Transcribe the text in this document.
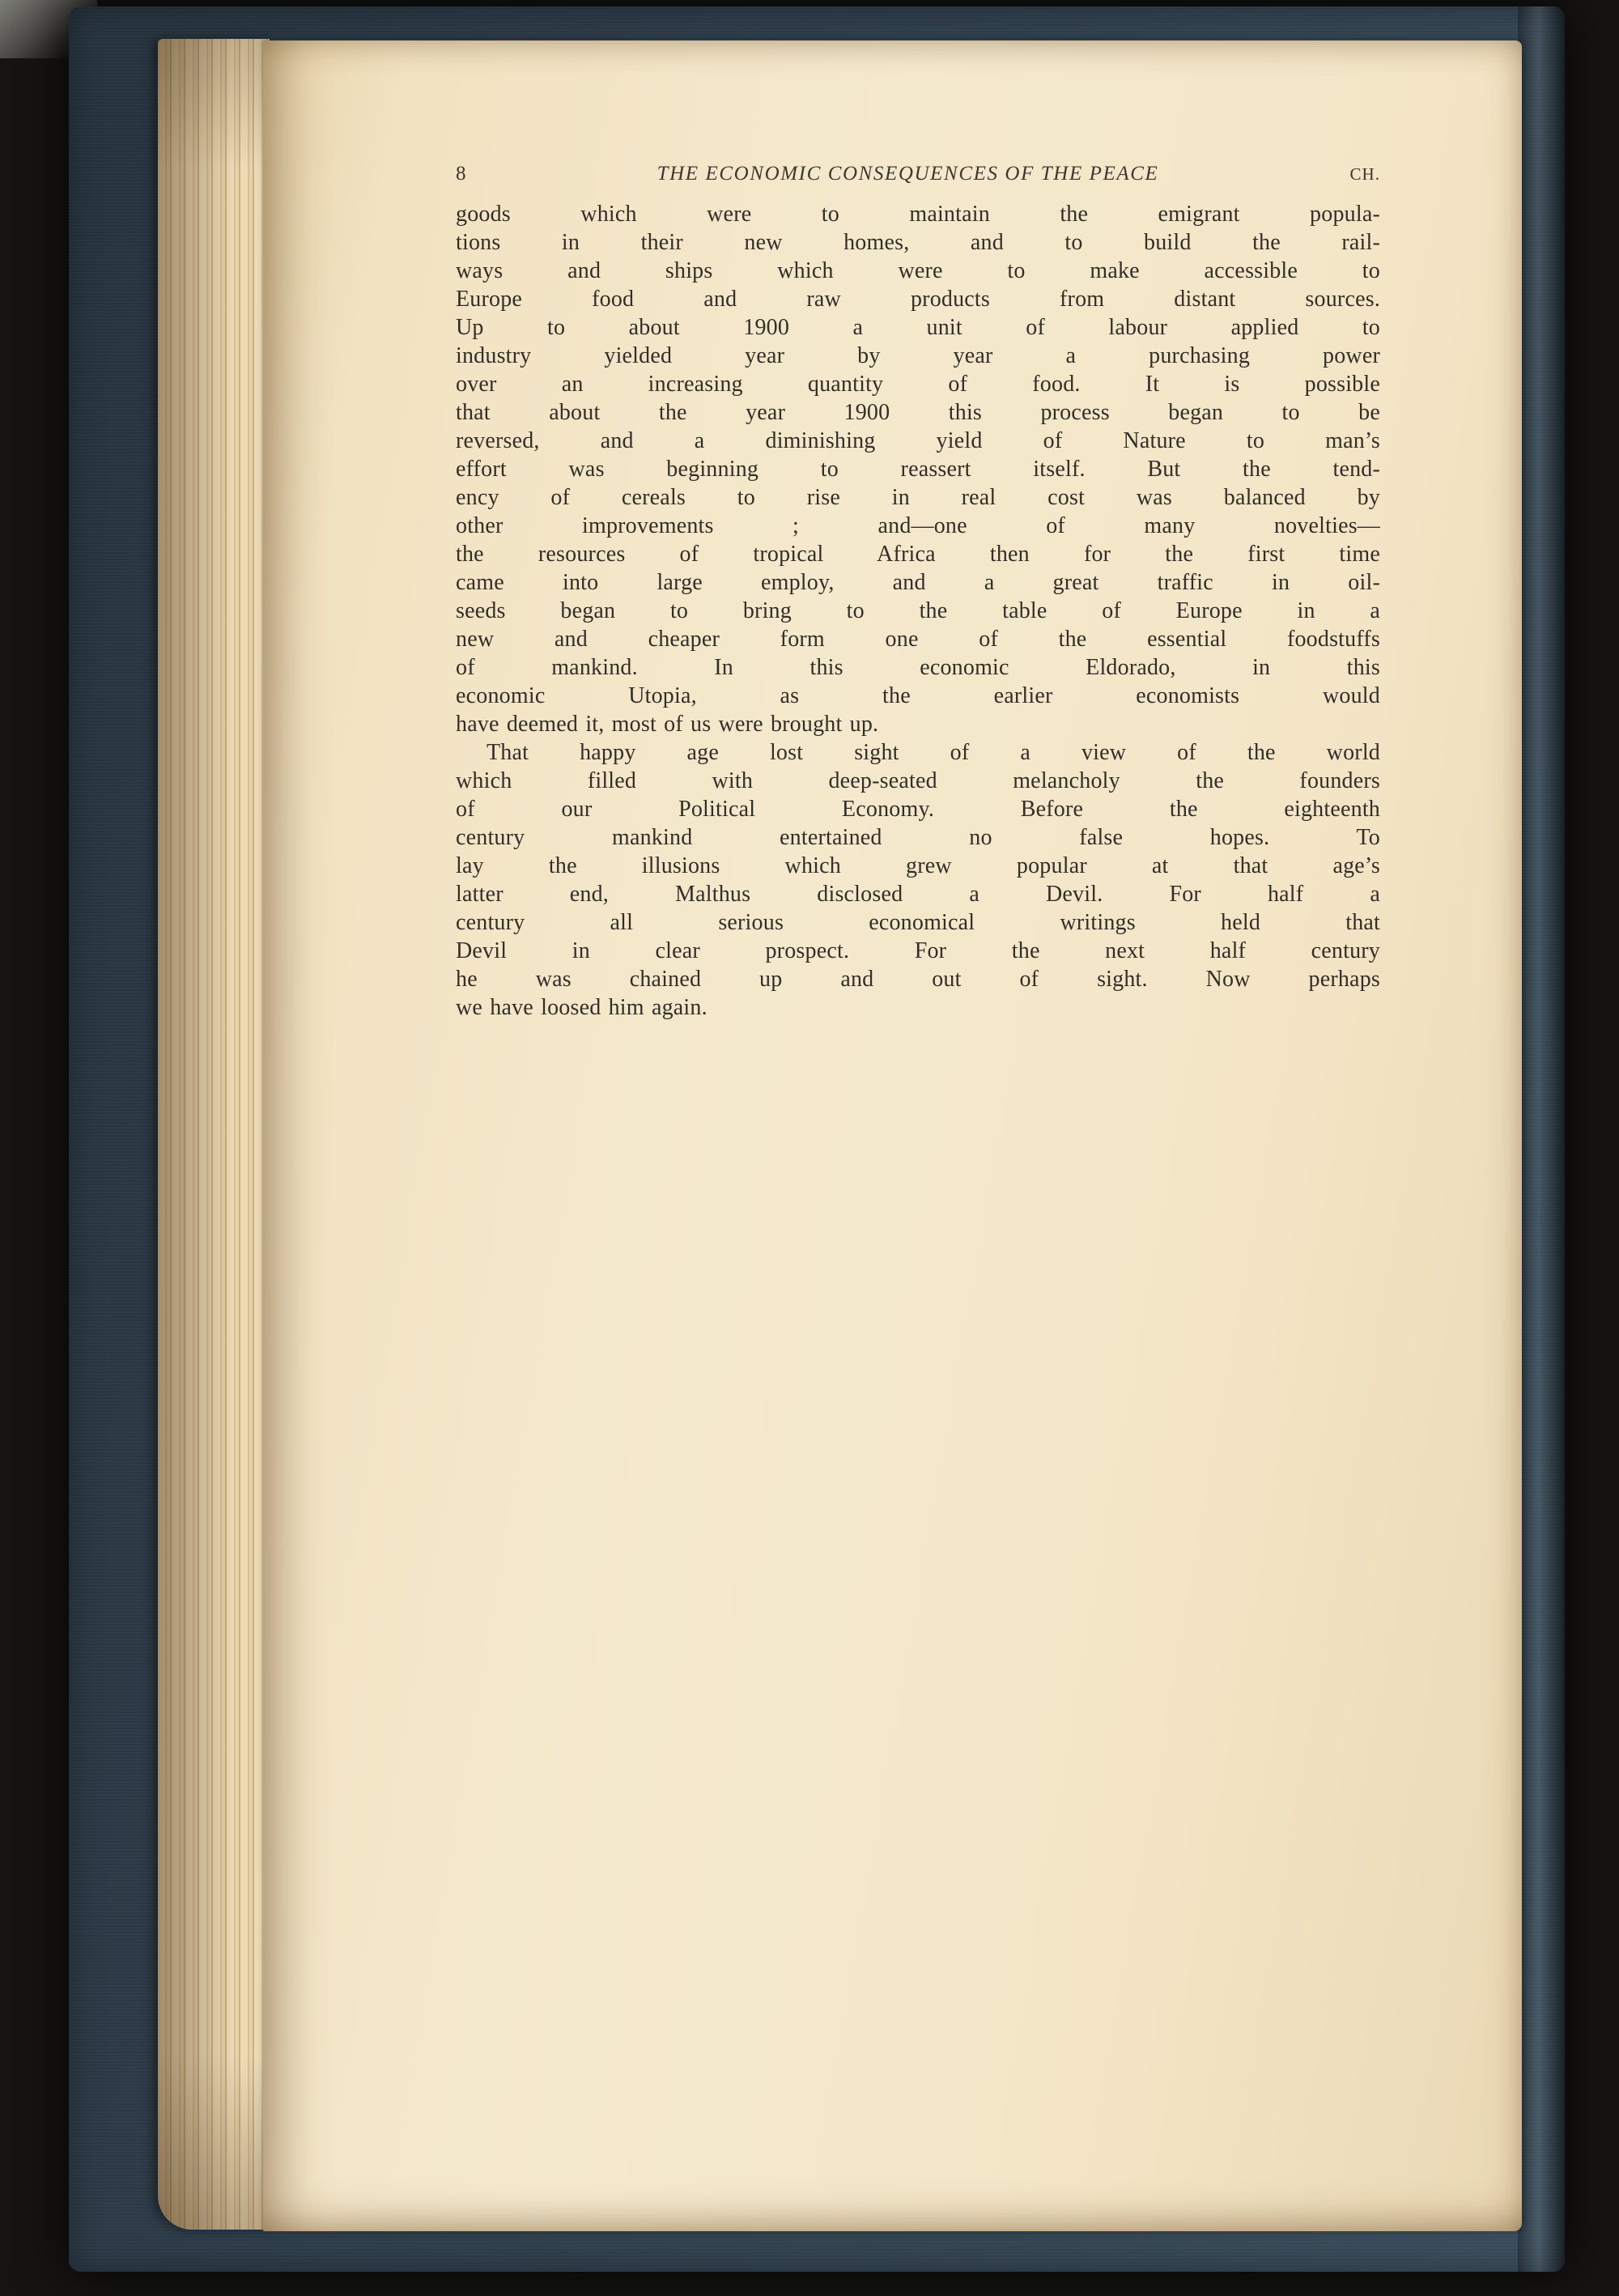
8	THE ECONOMIC CONSEQUENCES OF THE PEACE	CH.
goods which were to maintain the emigrant popula-
tions in their new homes, and to build the rail-
ways and ships which were to make accessible to
Europe food and raw products from distant sources.
Up to about 1900 a unit of labour applied to
industry yielded year by year a purchasing power
over an increasing quantity of food. It is possible
that about the year 1900 this process began to be
reversed, and a diminishing yield of Nature to man’s
effort was beginning to reassert itself. But the tend-
ency of cereals to rise in real cost was balanced by
other improvements ; and—one of many novelties—
the resources of tropical Africa then for the first time
came into large employ, and a great traffic in oil-
seeds began to bring to the table of Europe in a
new and cheaper form one of the essential foodstuffs
of mankind. In this economic Eldorado, in this
economic Utopia, as the earlier economists would
have deemed it, most of us were brought up.
That happy age lost sight of a view of the world
which filled with deep-seated melancholy the founders
of our Political Economy. Before the eighteenth
century mankind entertained no false hopes. To
lay the illusions which grew popular at that age’s
latter end, Malthus disclosed a Devil. For half a
century all serious economical writings held that
Devil in clear prospect. For the next half century
he was chained up and out of sight. Now perhaps
we have loosed him again.
